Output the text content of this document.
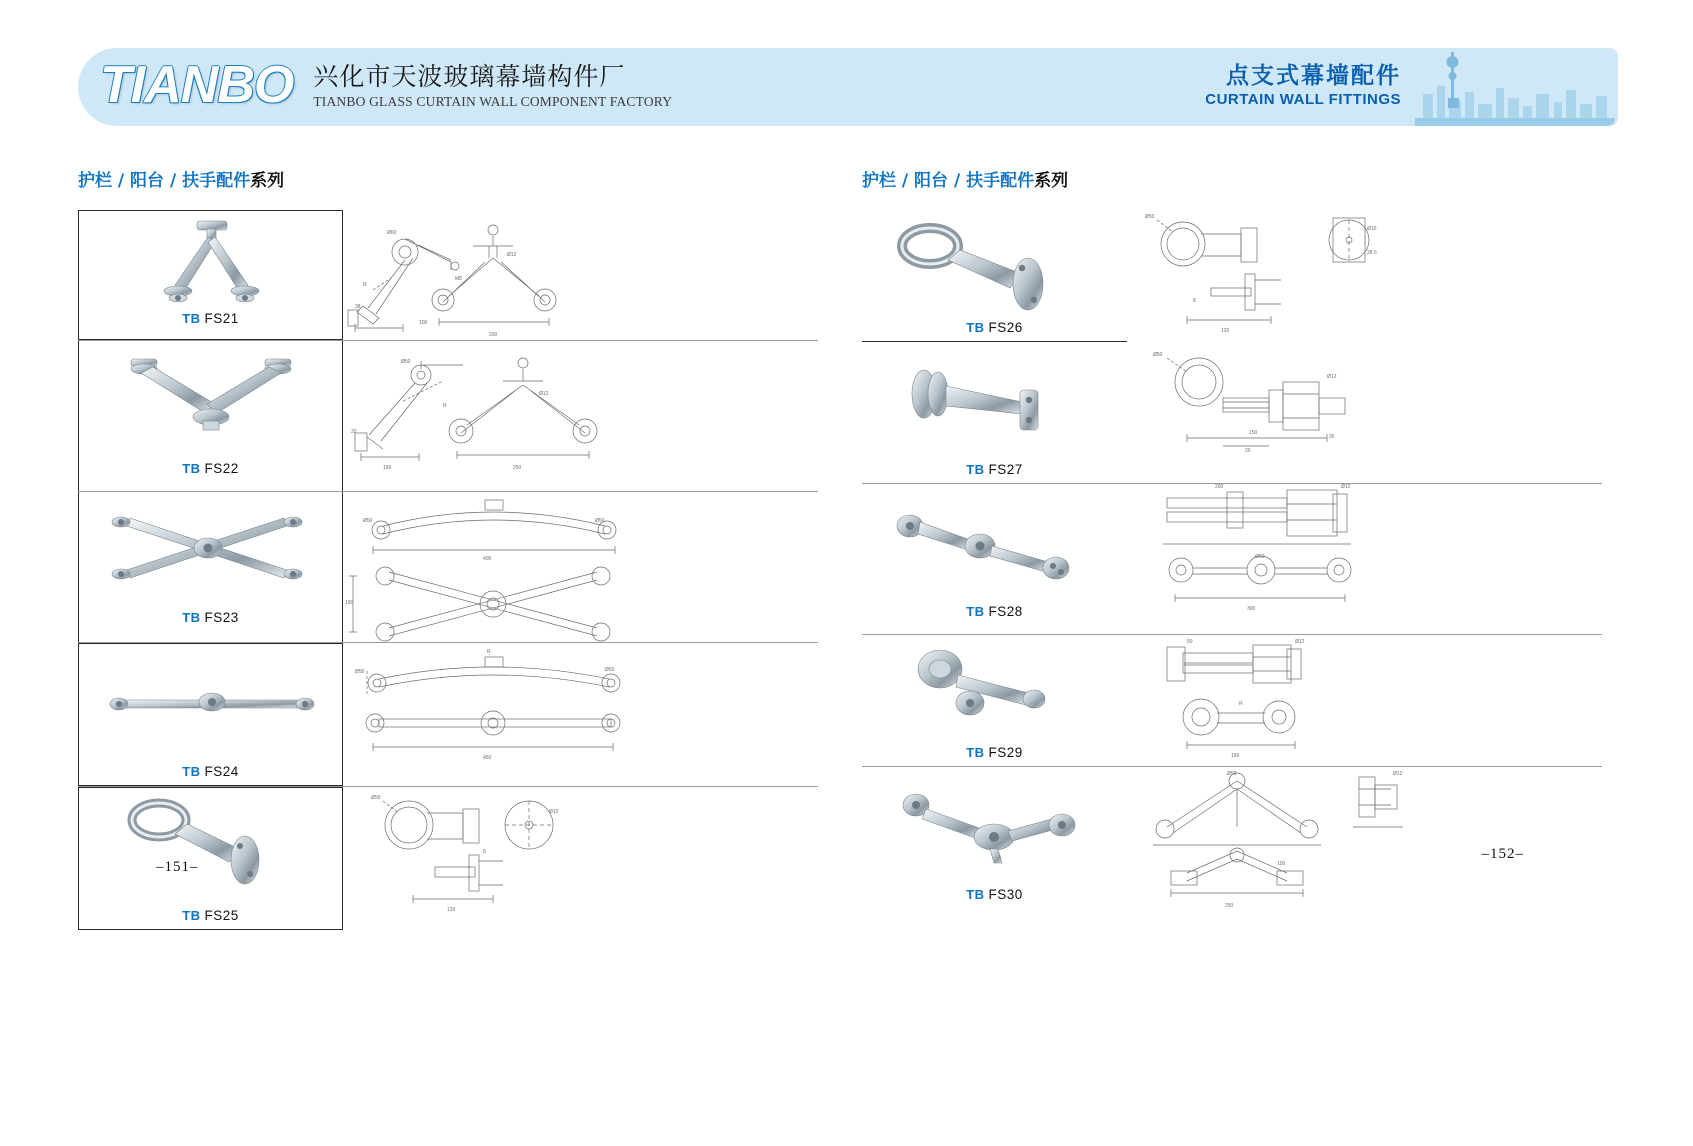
TIANBO 兴化市天波玻璃幕墙构件厂
TIANBO GLASS CURTAIN WALL COMPONENT FACTORY
点支式幕墙配件
CURTAIN WALL FITTINGS
护栏 / 阳台 / 扶手配件系列
TB FS21
Ø60
38
100
M8
200
Ø12
R
TB FS22
Ø50
32
150	250
Ø12
R
TB FS23
400
190
Ø50	Ø50
TB FS24
450
R
Ø50	Ø50
TB FS25
Ø50
120
Ø10
8
–151–
护栏 / 阳台 / 扶手配件系列
TB FS26
Ø50
120
Ø10
28.5
8
TB FS27
Ø50
20
150
Ø12
35
TB FS28	300
200	Ø12
Ø50
TB FS29	150
Ø12
50
R
TB FS30
250
Ø50	Ø12
100
–152–
